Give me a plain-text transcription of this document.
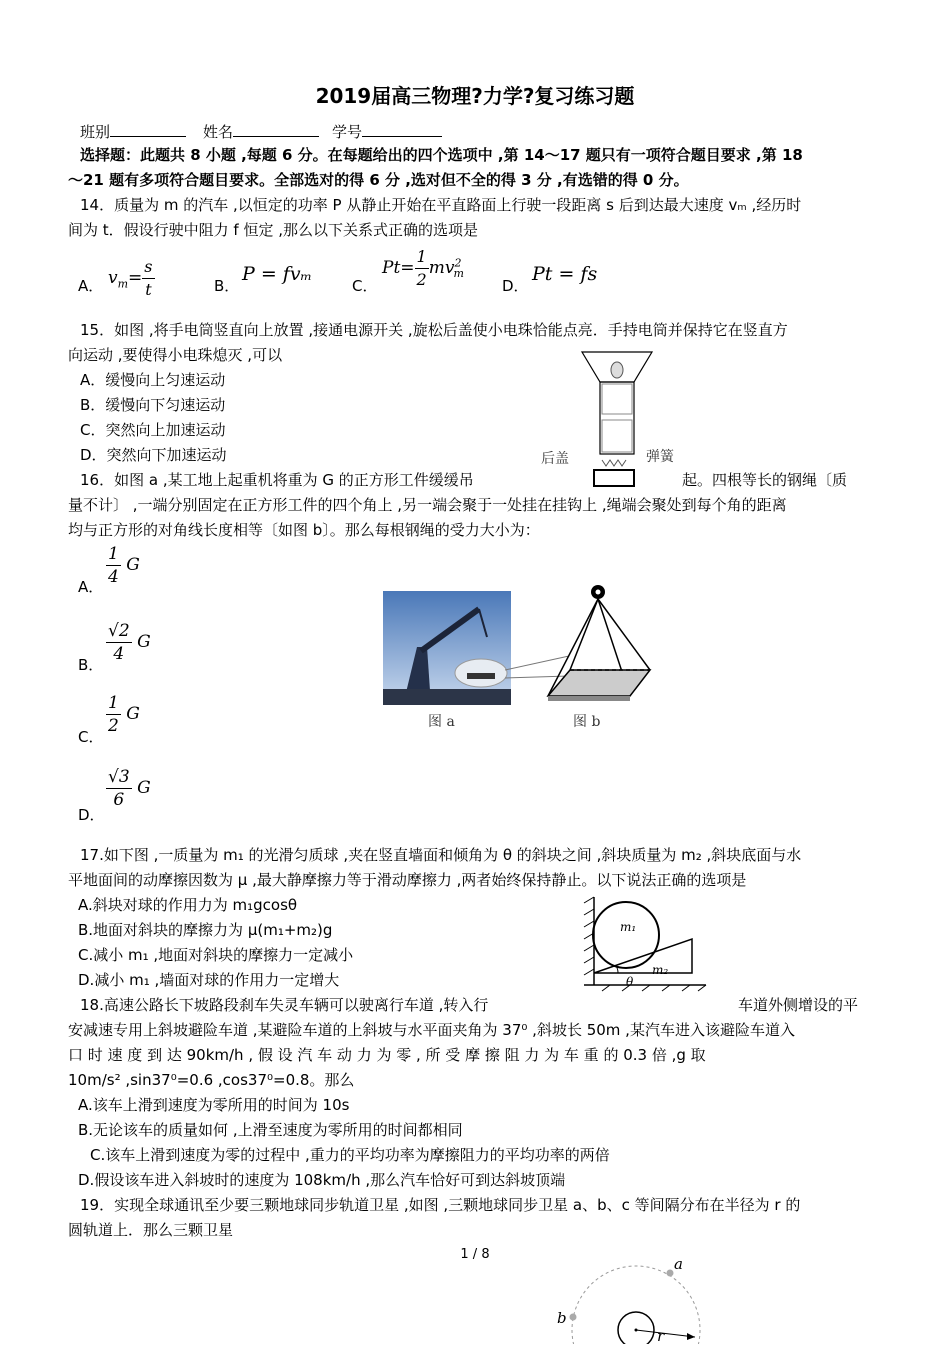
2019届高三物理?力学?复习练习题
班别	姓名	学号
选择题：此题共 8 小题 ,每题 6 分。在每题给出的四个选项中 ,第 14～17 题只有一项符合题目要求 ,第 18
～21 题有多项符合题目要求。全部选对的得 6 分 ,选对但不全的得 3 分 ,有选错的得 0 分。
14．质量为 m 的汽车 ,以恒定的功率 P 从静止开始在平直路面上行驶一段距离 s 后到达最大速度 vₘ ,经历时
间为 t．假设行驶中阻力 f 恒定 ,那么以下关系式正确的选项是
A． $v_m= \frac{s}{t}$	B．
P = fvₘ
C．
$Pt= \frac{1}{2} mv^2_m$
D．
Pt = fs
15．如图 ,将手电筒竖直向上放置 ,接通电源开关 ,旋松后盖使小电珠恰能点亮．手持电筒并保持它在竖直方
向运动 ,要使得小电珠熄灭 ,可以
A．缓慢向上匀速运动
B．缓慢向下匀速运动
C．突然向上加速运动
D．突然向下加速运动	后盖	弹簧
16．如图 a ,某工地上起重机将重为 G 的正方形工件缓缓吊	起。四根等长的钢绳〔质
量不计〕 ,一端分别固定在正方形工件的四个角上 ,另一端会聚于一处挂在挂钩上 ,绳端会聚处到每个角的距离
均与正方形的对角线长度相等〔如图 b〕。那么每根钢绳的受力大小为：
A． $\frac{1}{4}$ G
B． $\frac{√2}{4}$ G
C． $\frac{1}{2}$ G
D．
$\frac{√3}{6}$ G
图 a	图 b
17.如下图 ,一质量为 m₁ 的光滑匀质球 ,夹在竖直墙面和倾角为 θ 的斜块之间 ,斜块质量为 m₂ ,斜块底面与水
平地面间的动摩擦因数为 μ ,最大静摩擦力等于滑动摩擦力 ,两者始终保持静止。以下说法正确的选项是
A.斜块对球的作用力为 m₁gcosθ
B.地面对斜块的摩擦力为 μ(m₁+m₂)g
C.减小 m₁ ,地面对斜块的摩擦力一定减小
D.减小 m₁ ,墙面对球的作用力一定增大
m₁
m₂
θ
18.高速公路长下坡路段刹车失灵车辆可以驶离行车道 ,转入行	车道外侧增设的平
安减速专用上斜坡避险车道 ,某避险车道的上斜坡与水平面夹角为 37⁰ ,斜坡长 50m ,某汽车进入该避险车道入
口 时 速 度 到 达 90km/h , 假 设 汽 车 动 力 为 零 , 所 受 摩 擦 阻 力 为 车 重 的 0.3 倍 ,g 取
10m/s² ,sin37⁰=0.6 ,cos37⁰=0.8。那么
A.该车上滑到速度为零所用的时间为 10s
B.无论该车的质量如何 ,上滑至速度为零所用的时间都相同
C.该车上滑到速度为零的过程中 ,重力的平均功率为摩擦阻力的平均功率的两倍
D.假设该车进入斜坡时的速度为 108km/h ,那么汽车恰好可到达斜坡顶端
19．实现全球通讯至少要三颗地球同步轨道卫星 ,如图 ,三颗地球同步卫星 a、b、c 等间隔分布在半径为 r 的
圆轨道上．那么三颗卫星
1 / 8
a
b
r
